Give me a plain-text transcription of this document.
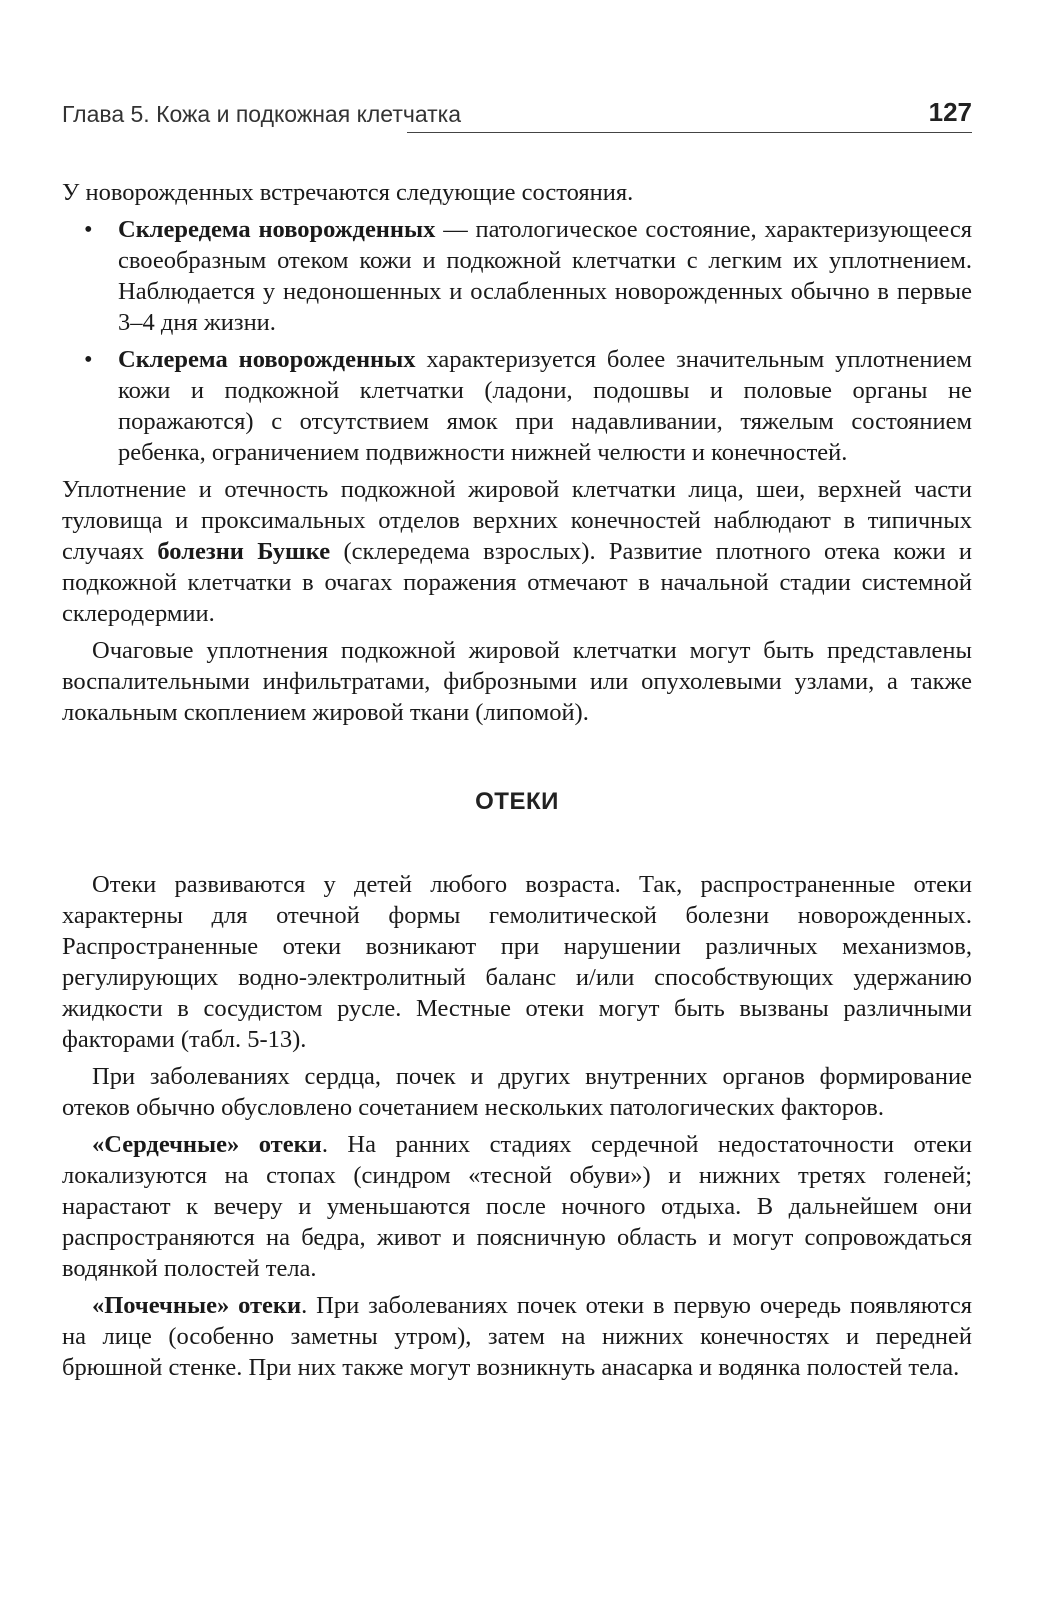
Глава 5. Кожа и подкожная клетчатка	127

У новорожденных встречаются следующие состояния.

• Склередема новорожденных — патологическое состояние, характеризующееся своеобразным отеком кожи и подкожной клетчатки с легким их уплотнением. Наблюдается у недоношенных и ослабленных новорожденных обычно в первые 3–4 дня жизни.
• Склерема новорожденных характеризуется более значительным уплотнением кожи и подкожной клетчатки (ладони, подошвы и половые органы не поражаются) с отсутствием ямок при надавливании, тяжелым состоянием ребенка, ограничением подвижности нижней челюсти и конечностей.

Уплотнение и отечность подкожной жировой клетчатки лица, шеи, верхней части туловища и проксимальных отделов верхних конечностей наблюдают в типичных случаях болезни Бушке (склередема взрослых). Развитие плотного отека кожи и подкожной клетчатки в очагах поражения отмечают в начальной стадии системной склеродермии.

Очаговые уплотнения подкожной жировой клетчатки могут быть представлены воспалительными инфильтратами, фиброзными или опухолевыми узлами, а также локальным скоплением жировой ткани (липомой).

ОТЕКИ

Отеки развиваются у детей любого возраста. Так, распространенные отеки характерны для отечной формы гемолитической болезни новорожденных. Распространенные отеки возникают при нарушении различных механизмов, регулирующих водно-электролитный баланс и/или способствующих удержанию жидкости в сосудистом русле. Местные отеки могут быть вызваны различными факторами (табл. 5-13).

При заболеваниях сердца, почек и других внутренних органов формирование отеков обычно обусловлено сочетанием нескольких патологических факторов.

«Сердечные» отеки. На ранних стадиях сердечной недостаточности отеки локализуются на стопах (синдром «тесной обуви») и нижних третях голеней; нарастают к вечеру и уменьшаются после ночного отдыха. В дальнейшем они распространяются на бедра, живот и поясничную область и могут сопровождаться водянкой полостей тела.

«Почечные» отеки. При заболеваниях почек отеки в первую очередь появляются на лице (особенно заметны утром), затем на нижних конечностях и передней брюшной стенке. При них также могут возникнуть анасарка и водянка полостей тела.
